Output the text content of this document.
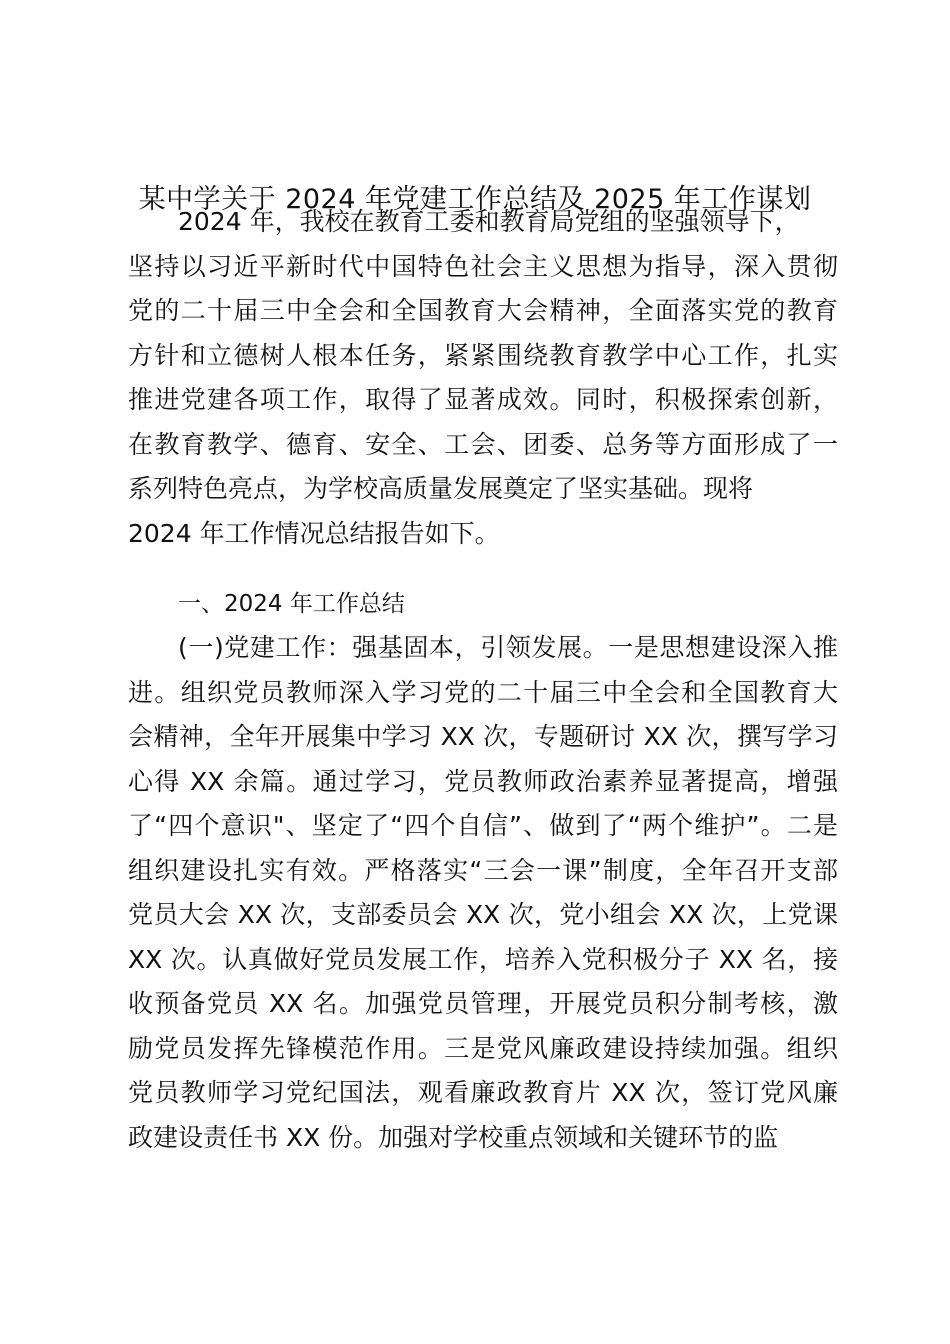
某中学关于 2024 年党建工作总结及 2025 年工作谋划
2024 年，我校在教育工委和教育局党组的坚强领导下，
坚持以习近平新时代中国特色社会主义思想为指导，深入贯彻
党的二十届三中全会和全国教育大会精神，全面落实党的教育
方针和立德树人根本任务，紧紧围绕教育教学中心工作，扎实
推进党建各项工作，取得了显著成效。同时，积极探索创新，
在教育教学、德育、安全、工会、团委、总务等方面形成了一
系列特色亮点，为学校高质量发展奠定了坚实基础。现将
2024 年工作情况总结报告如下。
一、2024 年工作总结
(一)党建工作：强基固本，引领发展。一是思想建设深入推
进。组织党员教师深入学习党的二十届三中全会和全国教育大
会精神，全年开展集中学习 XX 次，专题研讨 XX 次，撰写学习
心得 XX 余篇。通过学习，党员教师政治素养显著提高，增强
了“四个意识"、坚定了“四个自信”、做到了“两个维护”。二是
组织建设扎实有效。严格落实“三会一课”制度，全年召开支部
党员大会 XX 次，支部委员会 XX 次，党小组会 XX 次，上党课
XX 次。认真做好党员发展工作，培养入党积极分子 XX 名，接
收预备党员 XX 名。加强党员管理，开展党员积分制考核，激
励党员发挥先锋模范作用。三是党风廉政建设持续加强。组织
党员教师学习党纪国法，观看廉政教育片 XX 次，签订党风廉
政建设责任书 XX 份。加强对学校重点领域和关键环节的监
